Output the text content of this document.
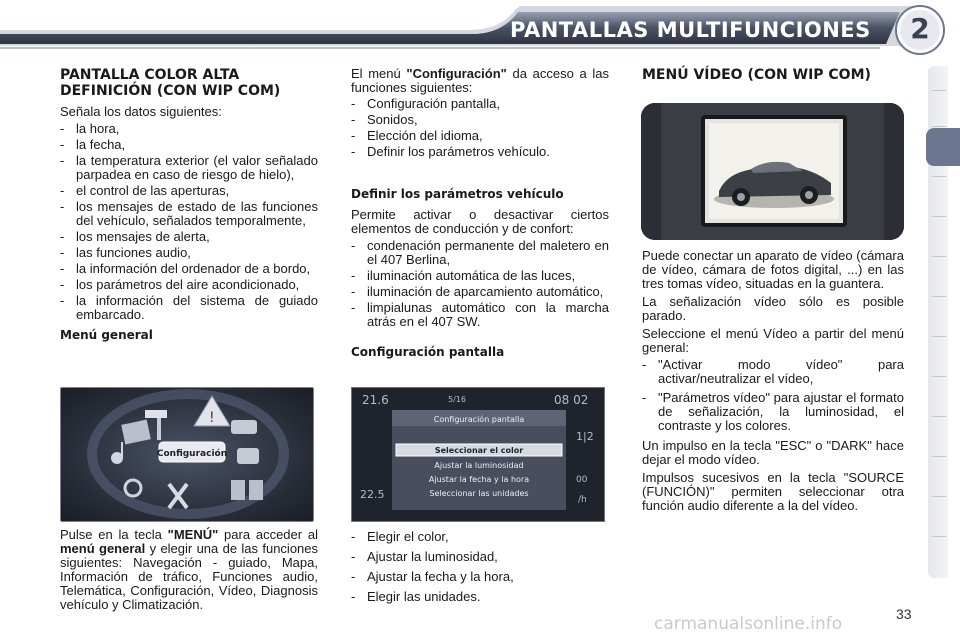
PANTALLAS MULTIFUNCIONES	2
PANTALLA COLOR ALTA DEFINICIÓN (CON WIP COM)
Señala los datos siguientes:
- la hora,
- la fecha,
- la temperatura exterior (el valor señalado parpadea en caso de riesgo de hielo),
- el control de las aperturas,
- los mensajes de estado de las funciones del vehículo, señalados temporalmente,
- los mensajes de alerta,
- las funciones audio,
- la información del ordenador de a bordo,
- los parámetros del aire acondicionado,
- la información del sistema de guiado embarcado.
Menú general
!
Configuración
Pulse en la tecla "MENÚ" para acceder al menú general y elegir una de las funciones siguientes: Navegación - guiado, Mapa, Información de tráfico, Funciones audio, Telemática, Configuración, Vídeo, Diagnosis vehículo y Climatización.
El menú "Configuración" da acceso a las funciones siguientes:
- Configuración pantalla,
- Sonidos,
- Elección del idioma,
- Definir los parámetros vehículo.
Definir los parámetros vehículo
Permite activar o desactivar ciertos elementos de conducción y de confort:
- condenación permanente del maletero en el 407 Berlina,
- iluminación automática de las luces,
- iluminación de aparcamiento automático,
- limpialunas automático con la marcha atrás en el 407 SW.
Configuración pantalla
21.6	5/16	08 02
1|2
00
/h
22.5
Configuración pantalla
Seleccionar el color
Ajustar la luminosidad
Ajustar la fecha y la hora
Seleccionar las unidades
- Elegir el color,
- Ajustar la luminosidad,
- Ajustar la fecha y la hora,
- Elegir las unidades.
MENÚ VÍDEO (CON WIP COM)
Puede conectar un aparato de vídeo (cámara de vídeo, cámara de fotos digital, ...) en las tres tomas vídeo, situadas en la guantera.
La señalización vídeo sólo es posible parado.
Seleccione el menú Vídeo a partir del menú general:
- "Activar modo vídeo" para activar/neutralizar el vídeo,
- "Parámetros vídeo" para ajustar el formato de señalización, la luminosidad, el contraste y los colores.
Un impulso en la tecla "ESC" o "DARK" hace dejar el modo vídeo.
Impulsos sucesivos en la tecla "SOURCE (FUNCIÓN)" permiten seleccionar otra función audio diferente a la del vídeo.
33
carmanualsonline.info
